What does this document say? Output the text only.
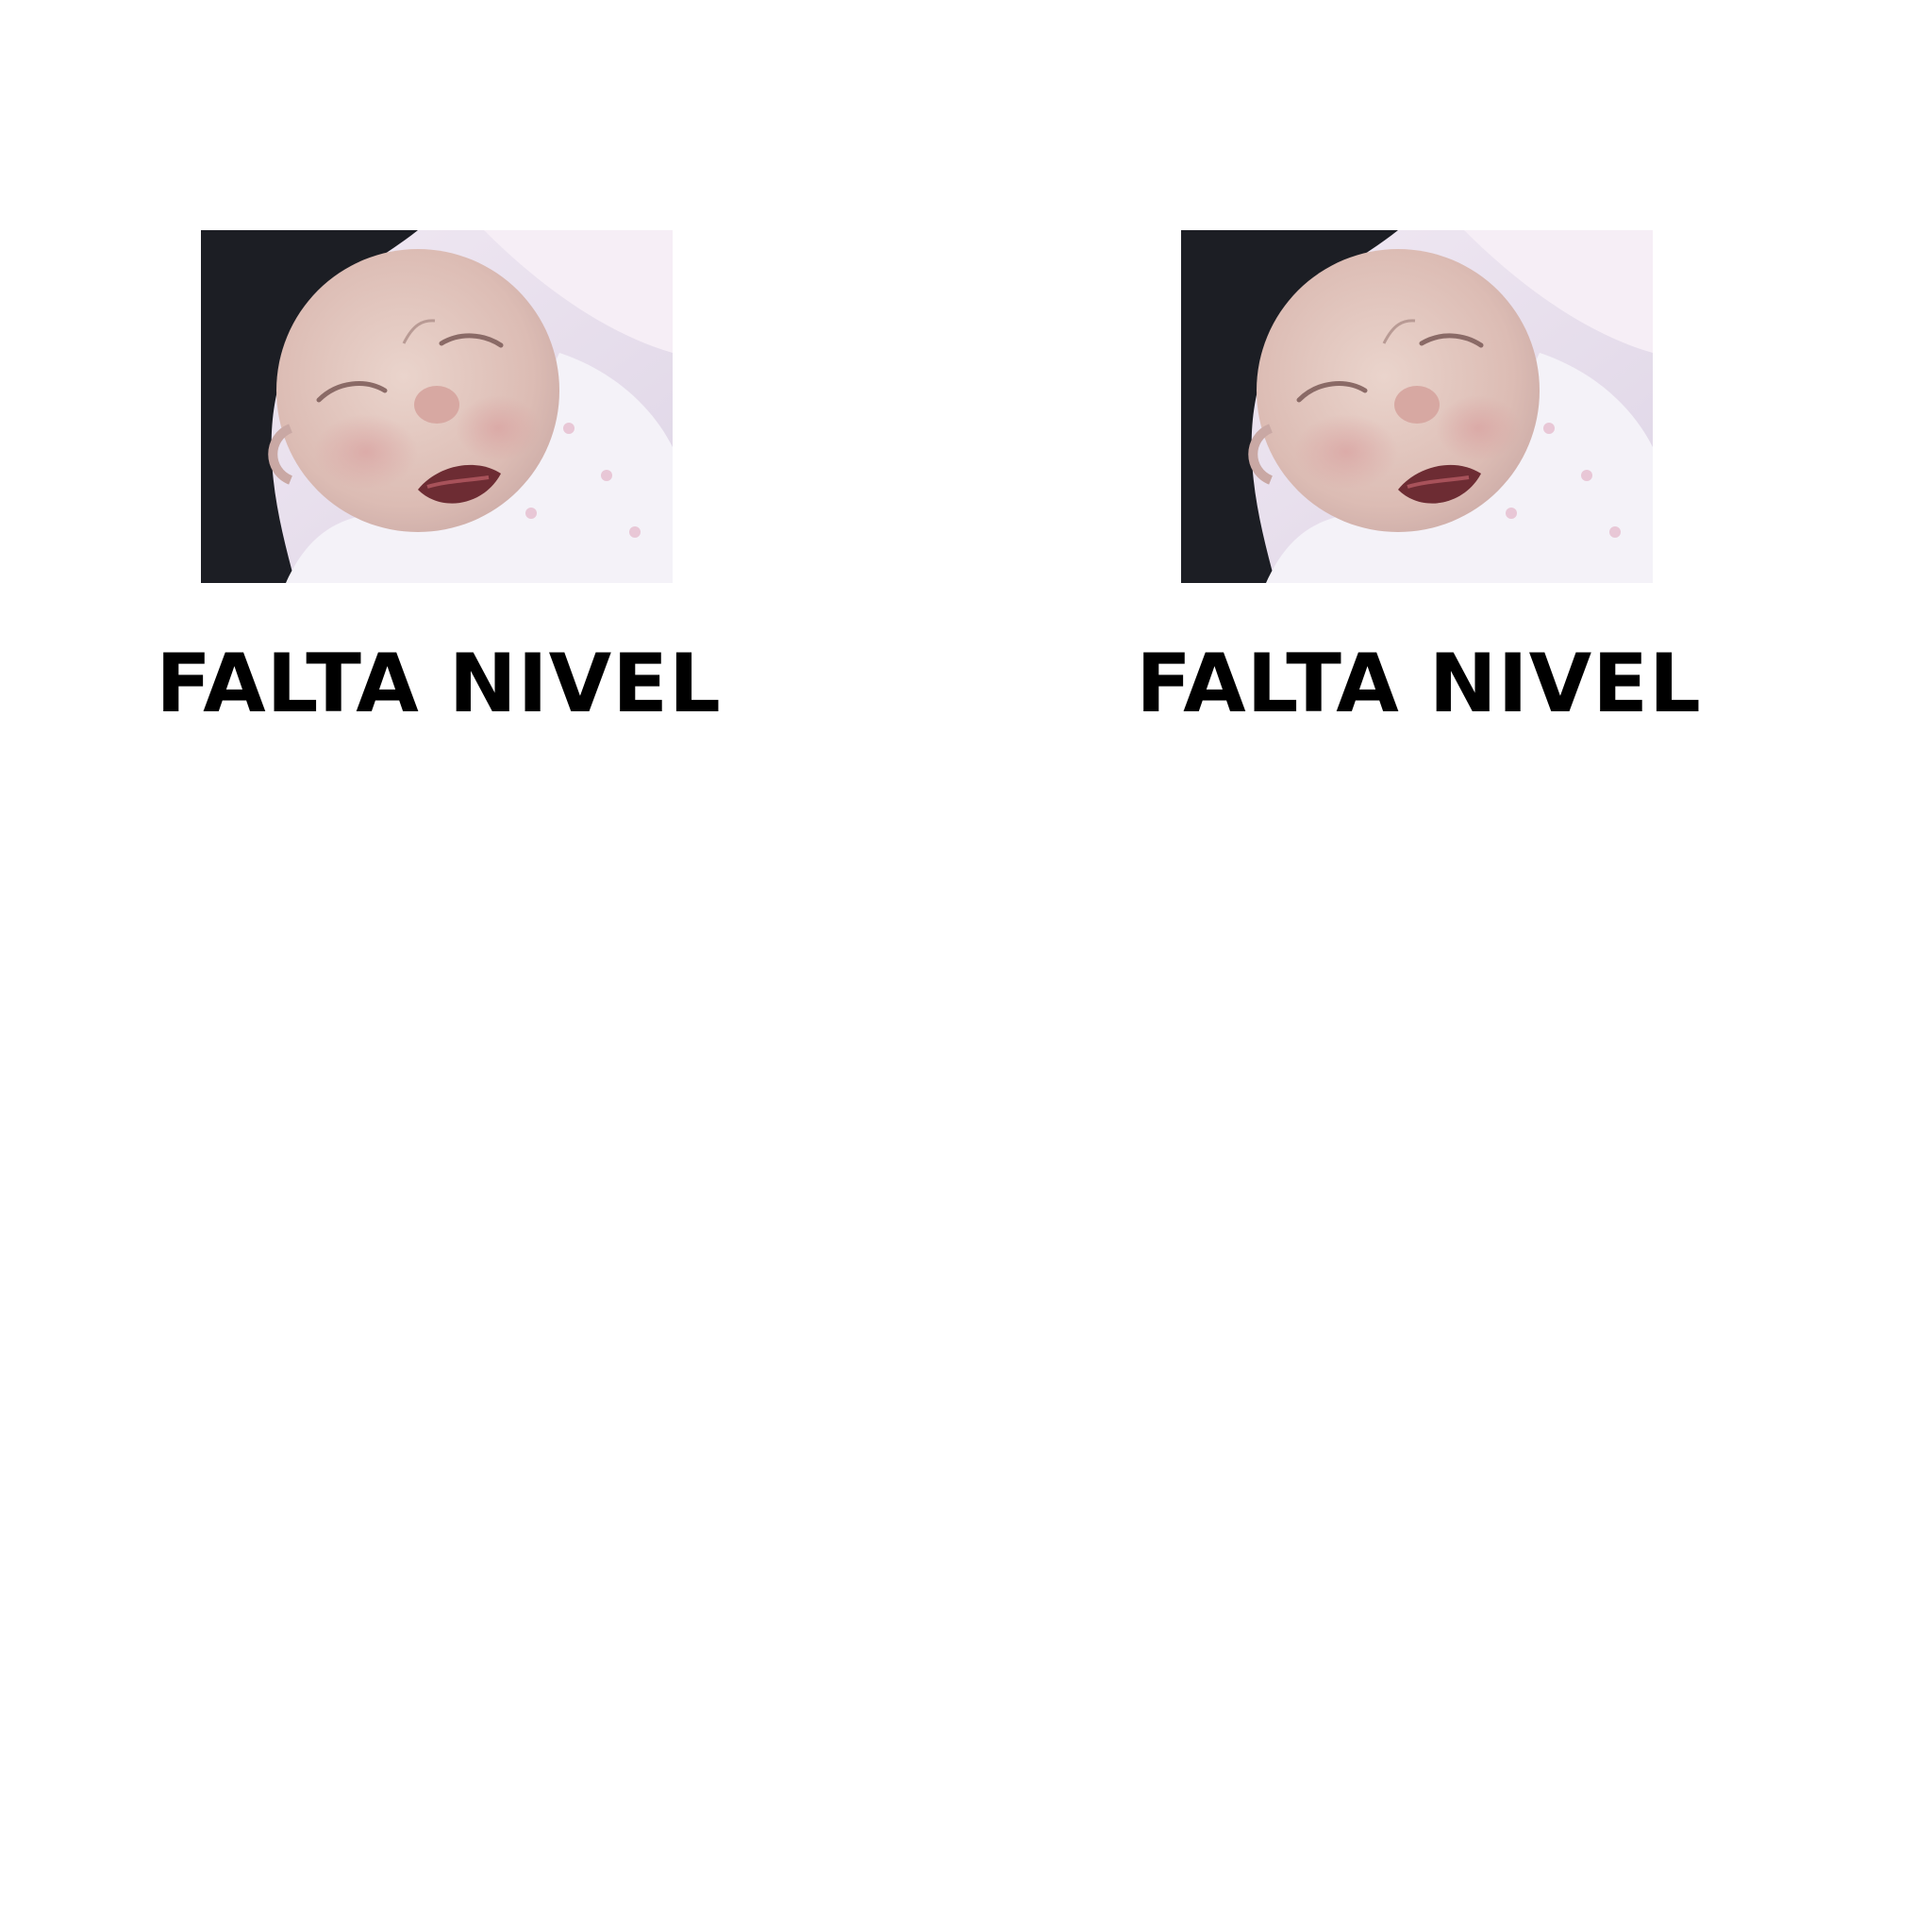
FALTA NIVEL	FALTA NIVEL
